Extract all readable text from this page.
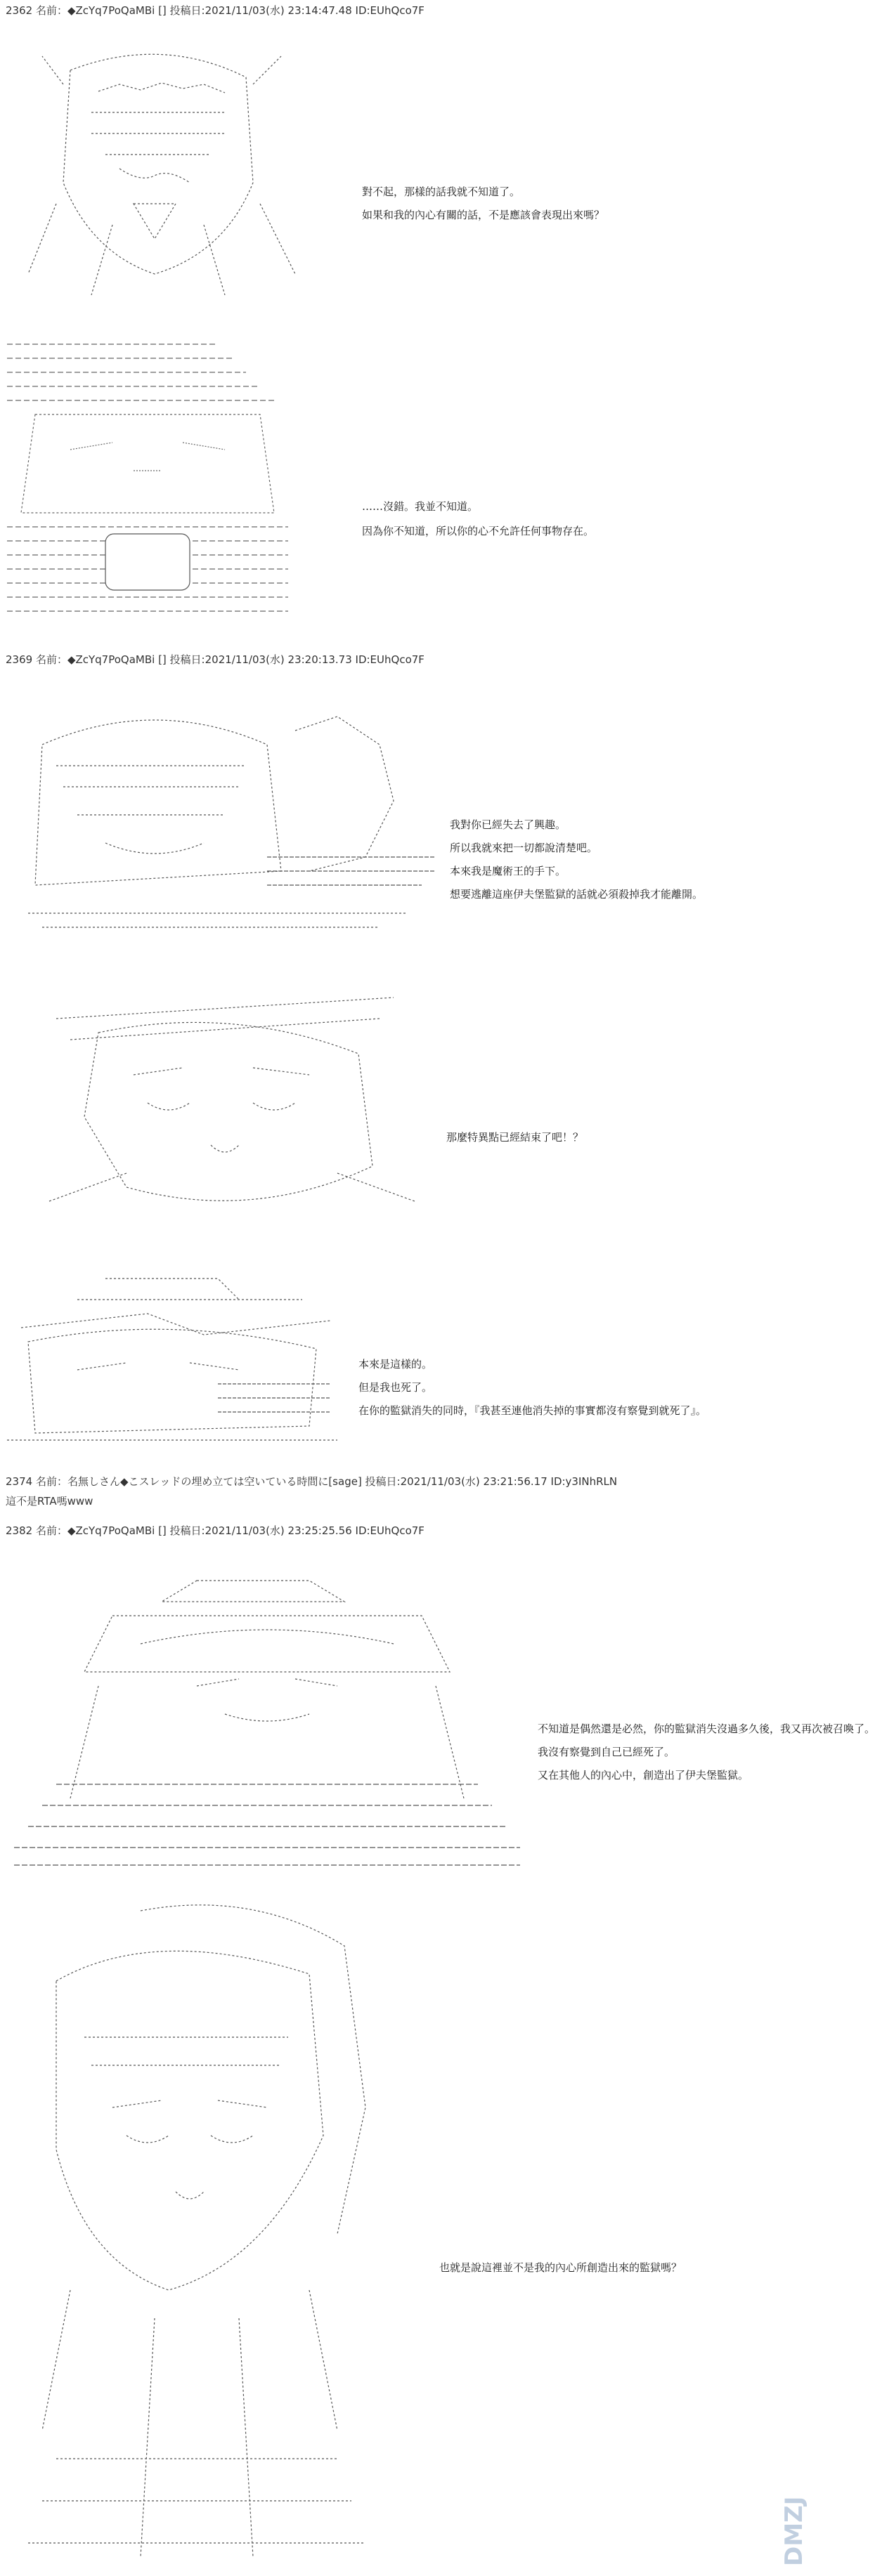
2362 名前：◆ZcYq7PoQaMBi [] 投稿日:2021/11/03(水) 23:14:47.48 ID:EUhQco7F
對不起，那樣的話我就不知道了。
如果和我的內心有關的話，不是應該會表現出來嗎？
……沒錯。我並不知道。
因為你不知道，所以你的心不允許任何事物存在。
2369 名前：◆ZcYq7PoQaMBi [] 投稿日:2021/11/03(水) 23:20:13.73 ID:EUhQco7F
我對你已經失去了興趣。
所以我就來把一切都說清楚吧。
本來我是魔術王的手下。
想要逃離這座伊夫堡監獄的話就必須殺掉我才能離開。
那麼特異點已經結束了吧！？
本來是這樣的。
但是我也死了。
在你的監獄消失的同時，『我甚至連他消失掉的事實都沒有察覺到就死了』。
2374 名前：名無しさん◆こスレッドの埋め立ては空いている時間に[sage] 投稿日:2021/11/03(水) 23:21:56.17 ID:y3INhRLN
這不是RTA嗎www
2382 名前：◆ZcYq7PoQaMBi [] 投稿日:2021/11/03(水) 23:25:25.56 ID:EUhQco7F
不知道是偶然還是必然，你的監獄消失沒過多久後，我又再次被召喚了。
我沒有察覺到自己已經死了。
又在其他人的內心中，創造出了伊夫堡監獄。
也就是說這裡並不是我的內心所創造出來的監獄嗎？
DMZJ
